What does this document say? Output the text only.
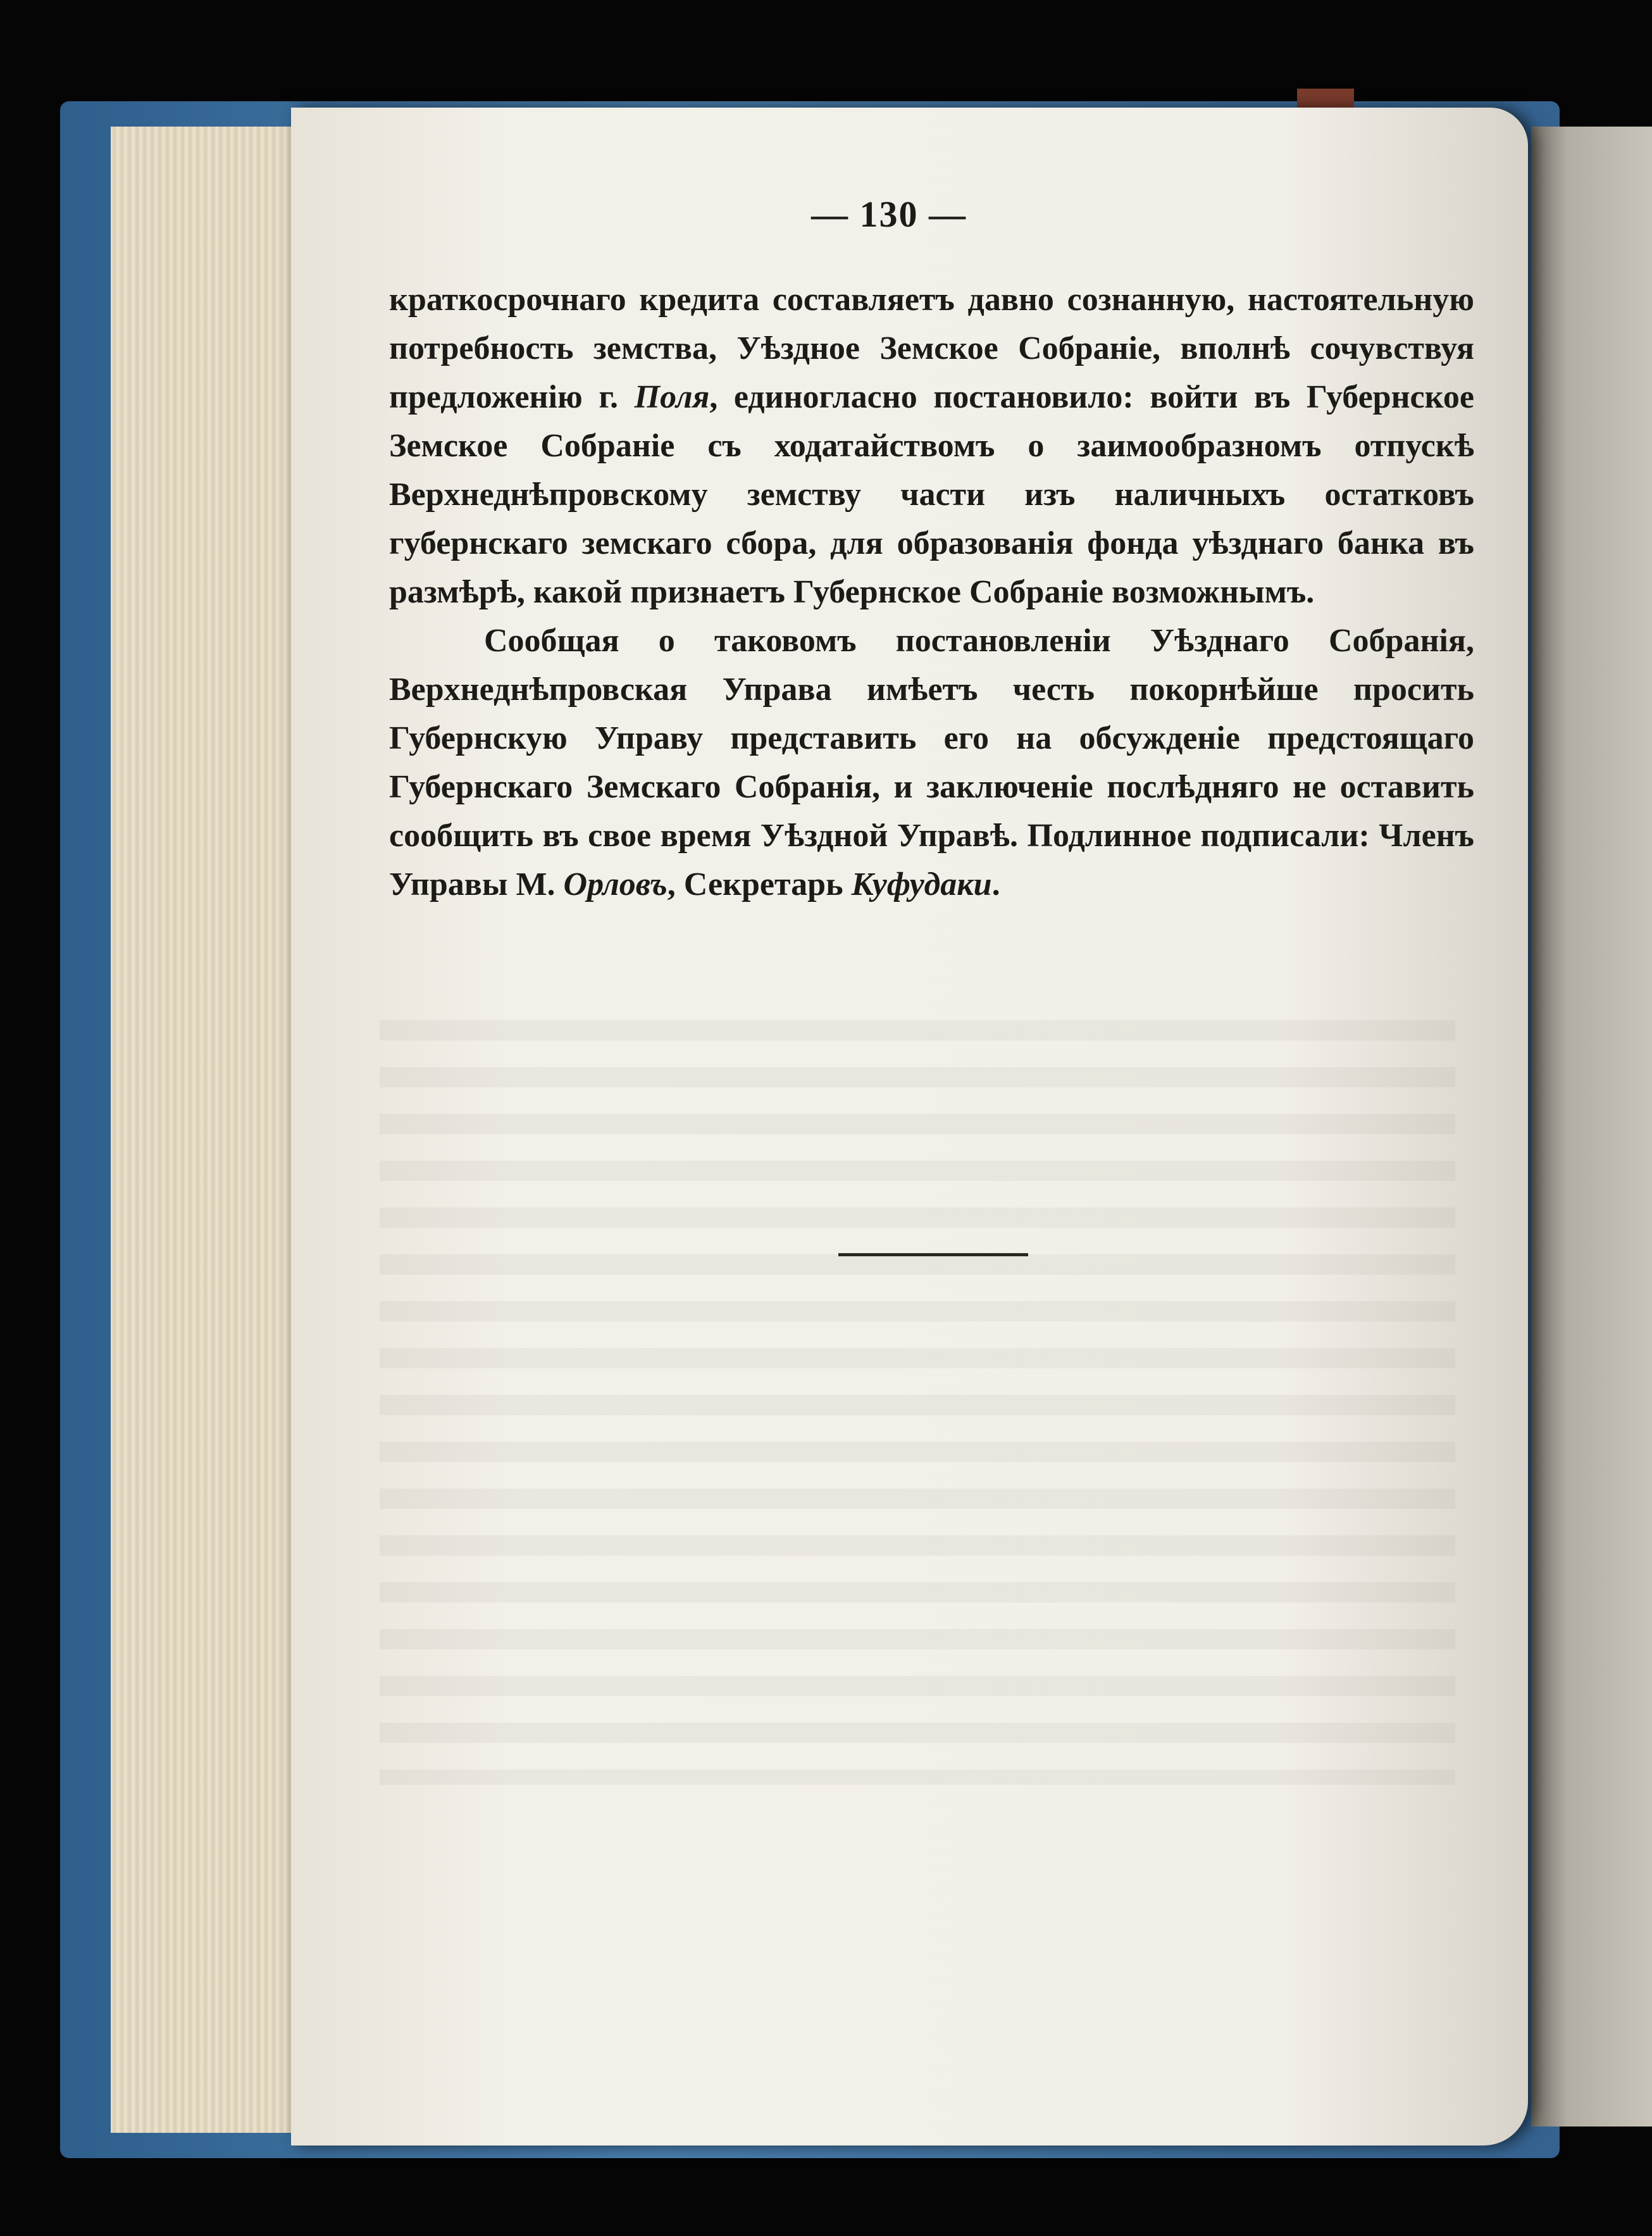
— 130 —

краткосрочнаго кредита составляетъ давно сознанную, настоятельную потребность земства, Уѣздное Земское Собраніе, вполнѣ сочувствуя предложенію г. Поля, единогласно постановило: войти въ Губернское Земское Собраніе съ ходатайствомъ о заимообразномъ отпускѣ Верхнеднѣпровскому земству части изъ наличныхъ остатковъ губернскаго земскаго сбора, для образованія фонда уѣзднаго банка въ размѣрѣ, какой признаетъ Губернское Собраніе возможнымъ.

Сообщая о таковомъ постановленіи Уѣзднаго Собранія, Верхнеднѣпровская Управа имѣетъ честь покорнѣйше просить Губернскую Управу представить его на обсужденіе предстоящаго Губернскаго Земскаго Собранія, и заключеніе послѣдняго не оставить сообщить въ свое время Уѣздной Управѣ. Подлинное подписали: Членъ Управы М. Орловъ, Секретарь Куфудаки.
